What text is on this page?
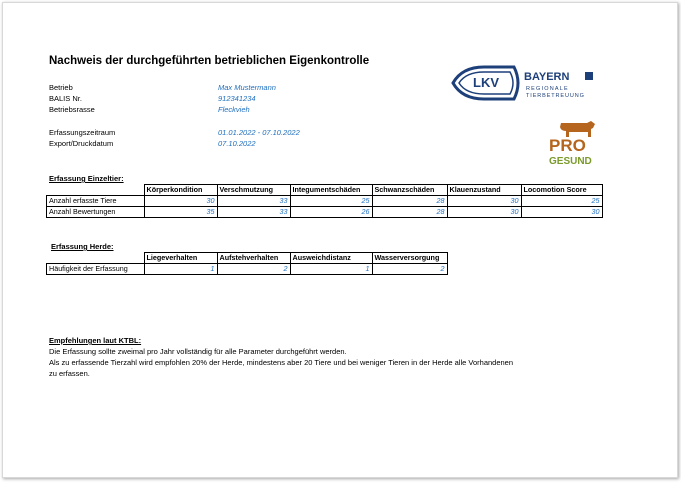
Nachweis der durchgeführten betrieblichen Eigenkontrolle
Betrieb	Max Mustermann
BALIS Nr.	912341234
Betriebsrasse	Fleckvieh
Erfassungszeitraum	01.01.2022 - 07.10.2022
Export/Druckdatum	07.10.2022
LKV BAYERN
REGIONALE
TIERBETREUUNG
PRO
GESUND
Erfassung Einzeltier:
	Körperkondition	Verschmutzung	Integumentschäden	Schwanzschäden	Klauenzustand	Locomotion Score
Anzahl erfasste Tiere	30	33	25	28	30	25
Anzahl Bewertungen	35	33	26	28	30	30
Erfassung Herde:
	Liegeverhalten	Aufstehverhalten	Ausweichdistanz	Wasserversorgung
Häufigkeit der Erfassung	1	2	1	2
Empfehlungen laut KTBL:
Die Erfassung sollte zweimal pro Jahr vollständig für alle Parameter durchgeführt werden.
Als zu erfassende Tierzahl wird empfohlen 20% der Herde, mindestens aber 20 Tiere und bei weniger Tieren in der Herde alle Vorhandenen
zu erfassen.
